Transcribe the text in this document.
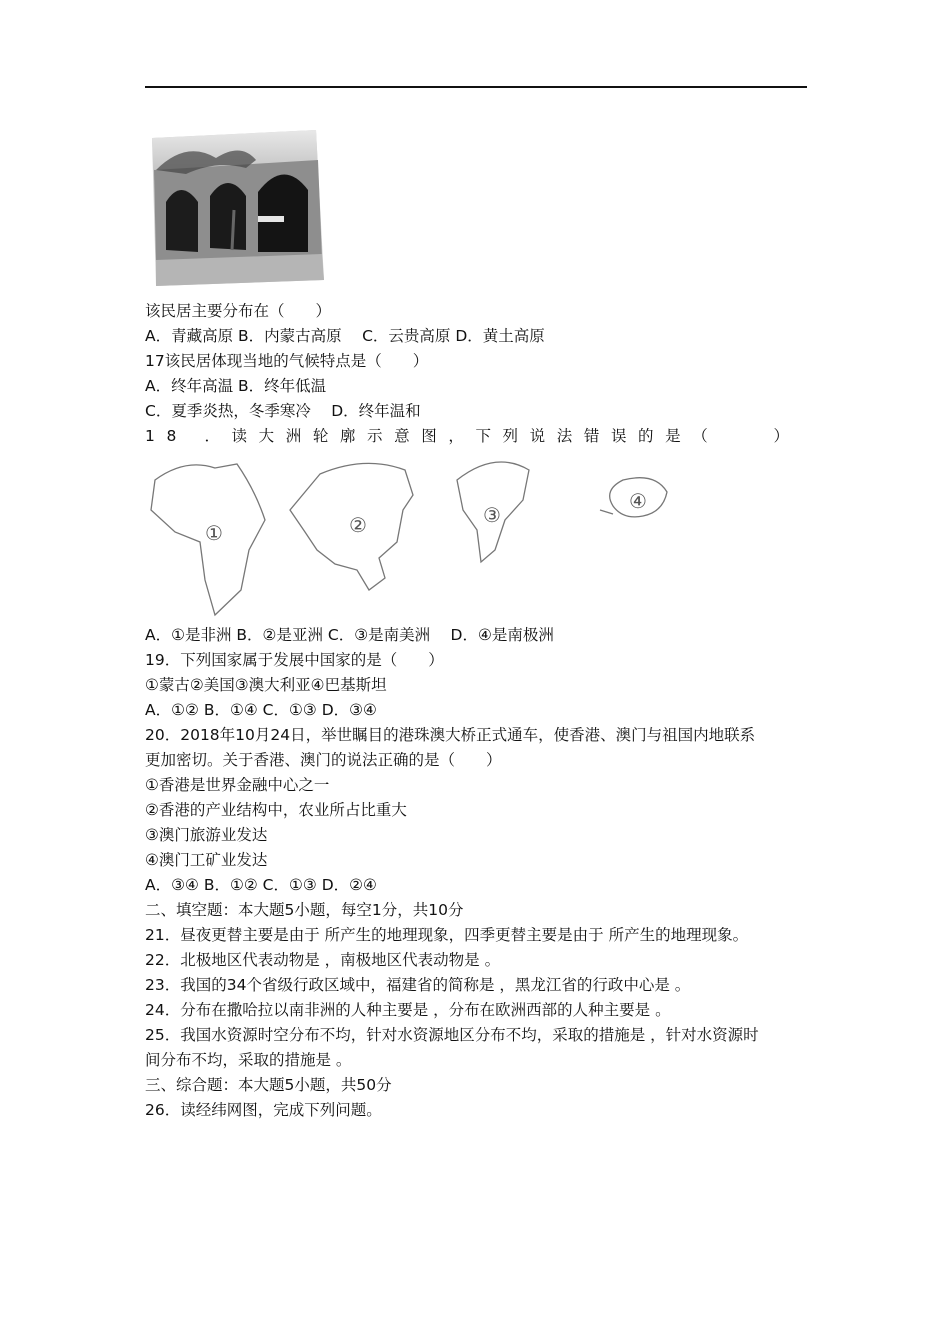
该民居主要分布在（　　）
A．青藏高原 B．内蒙古高原　 C．云贵高原 D．黄土高原
17该民居体现当地的气候特点是（　　）
A．终年高温 B．终年低温
C．夏季炎热，冬季寒冷　 D．终年温和
18 ．读大洲轮廓示意图，下列说法错误的是（　　）
①	②	③
④
A．①是非洲 B．②是亚洲 C．③是南美洲　 D．④是南极洲
19．下列国家属于发展中国家的是（　　）
①蒙古②美国③澳大利亚④巴基斯坦
A．①② B．①④ C．①③ D．③④
20．2018年10月24日，举世瞩目的港珠澳大桥正式通车，使香港、澳门与祖国内地联系
更加密切。关于香港、澳门的说法正确的是（　　）
①香港是世界金融中心之一
②香港的产业结构中，农业所占比重大
③澳门旅游业发达
④澳门工矿业发达
A．③④ B．①② C．①③ D．②④
二、填空题：本大题5小题，每空1分，共10分
21．昼夜更替主要是由于 所产生的地理现象，四季更替主要是由于 所产生的地理现象。
22．北极地区代表动物是 ，南极地区代表动物是 。
23．我国的34个省级行政区域中，福建省的简称是 ，黑龙江省的行政中心是 。
24．分布在撒哈拉以南非洲的人种主要是 ，分布在欧洲西部的人种主要是 。
25．我国水资源时空分布不均，针对水资源地区分布不均，采取的措施是 ，针对水资源时
间分布不均，采取的措施是 。
三、综合题：本大题5小题，共50分
26．读经纬网图，完成下列问题。
